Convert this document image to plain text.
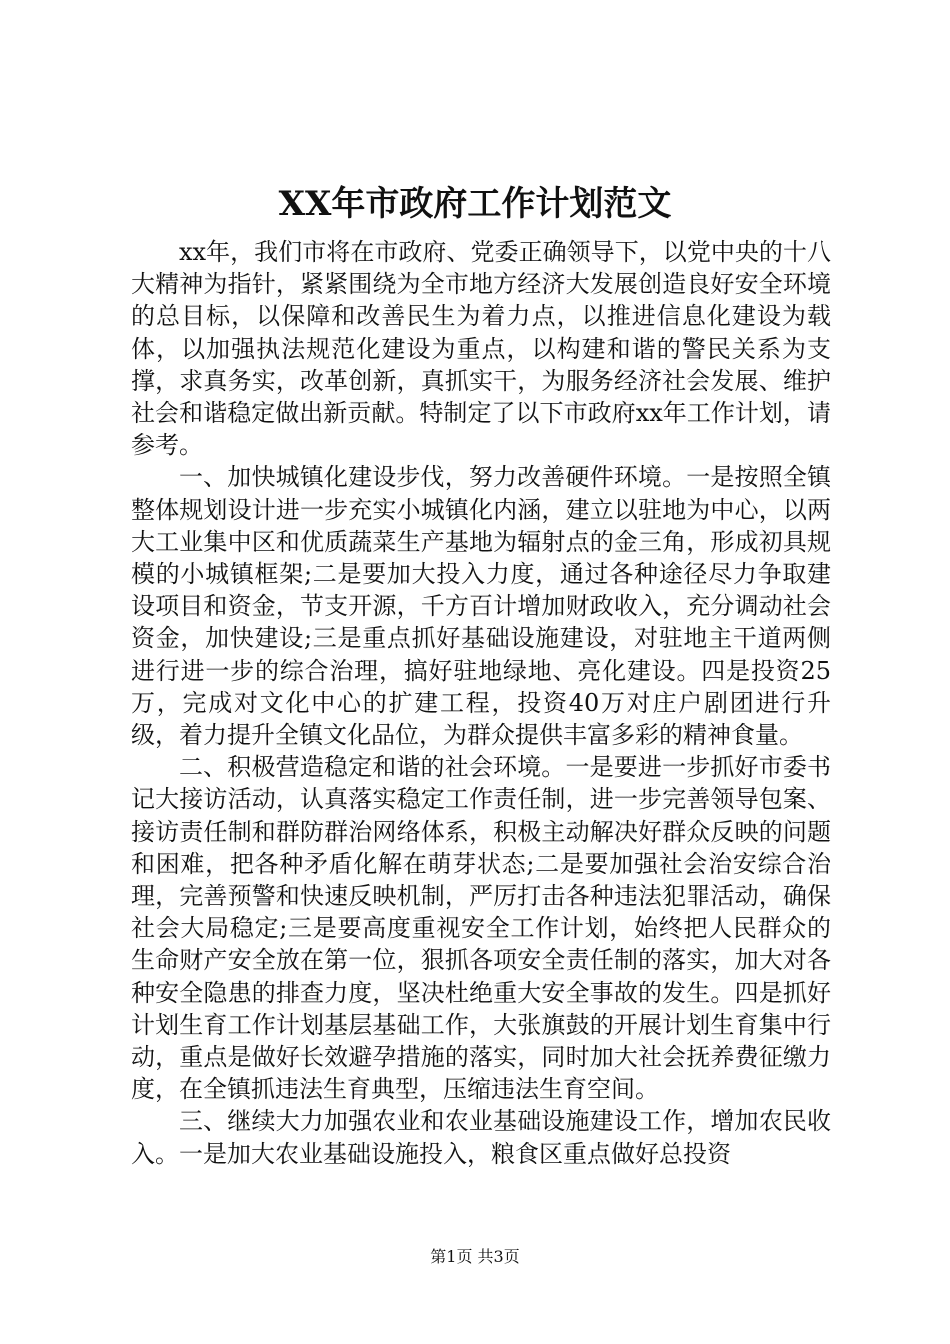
XX年市政府工作计划范文

xx年，我们市将在市政府、党委正确领导下，以党中央的十八大精神为指针，紧紧围绕为全市地方经济大发展创造良好安全环境的总目标，以保障和改善民生为着力点，以推进信息化建设为载体，以加强执法规范化建设为重点，以构建和谐的警民关系为支撑，求真务实，改革创新，真抓实干，为服务经济社会发展、维护社会和谐稳定做出新贡献。特制定了以下市政府xx年工作计划，请参考。

一、加快城镇化建设步伐，努力改善硬件环境。一是按照全镇整体规划设计进一步充实小城镇化内涵，建立以驻地为中心，以两大工业集中区和优质蔬菜生产基地为辐射点的金三角，形成初具规模的小城镇框架;二是要加大投入力度，通过各种途径尽力争取建设项目和资金，节支开源，千方百计增加财政收入，充分调动社会资金，加快建设;三是重点抓好基础设施建设，对驻地主干道两侧进行进一步的综合治理，搞好驻地绿地、亮化建设。四是投资25万，完成对文化中心的扩建工程，投资40万对庄户剧团进行升级，着力提升全镇文化品位，为群众提供丰富多彩的精神食量。

二、积极营造稳定和谐的社会环境。一是要进一步抓好市委书记大接访活动，认真落实稳定工作责任制，进一步完善领导包案、接访责任制和群防群治网络体系，积极主动解决好群众反映的问题和困难，把各种矛盾化解在萌芽状态;二是要加强社会治安综合治理，完善预警和快速反映机制，严厉打击各种违法犯罪活动，确保社会大局稳定;三是要高度重视安全工作计划，始终把人民群众的生命财产安全放在第一位，狠抓各项安全责任制的落实，加大对各种安全隐患的排查力度，坚决杜绝重大安全事故的发生。四是抓好计划生育工作计划基层基础工作，大张旗鼓的开展计划生育集中行动，重点是做好长效避孕措施的落实，同时加大社会抚养费征缴力度，在全镇抓违法生育典型，压缩违法生育空间。

三、继续大力加强农业和农业基础设施建设工作，增加农民收入。一是加大农业基础设施投入，粮食区重点做好总投资

第1页 共3页
